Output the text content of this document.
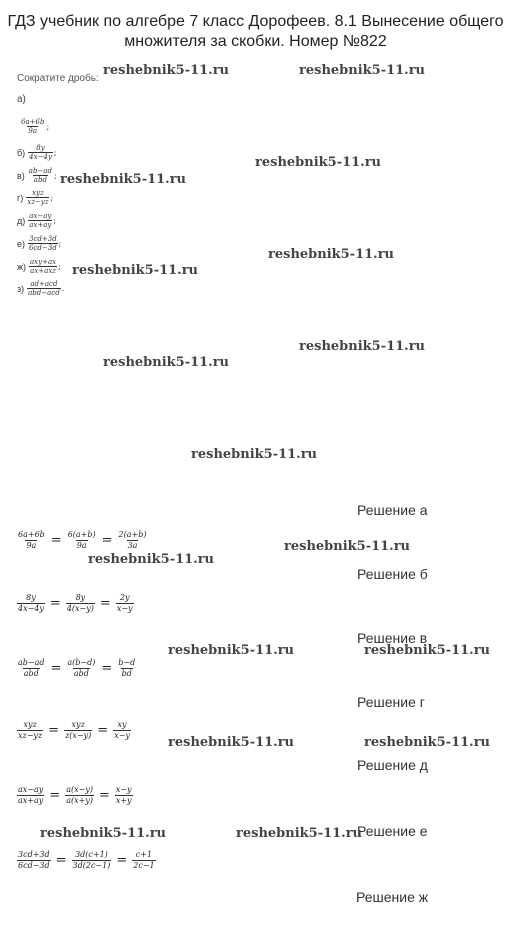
ГДЗ учебник по алгебре 7 класс Дорофеев. 8.1 Вынесение общего множителя за скобки. Номер №822
Сократите дробь:
а)
$\frac{6a+6b}{9a}$ ;
$б) \frac{8y}{4x-4y}$ ;
$в) \frac{ab-ad}{\text{abd}}$ ;
$г) \frac{\text{xyz}}{xz-yz}$ ;
$д) \frac{ax-ay}{ax+ay}$ ;
$е) \frac{3cd+3d}{6cd-3d}$ ;
$ж) \frac{\text{axy+ax}}{\text{ax+axz}}$ ;
$з) \frac{\text{ad+acd}}{\text{abd−acd}}$ .
Решение а
$\frac{6a+6b}{9a} = \frac{6(a+b)}{9a} = \frac{2(a+b)}{3a}$
Решение б
$\frac{8y}{4x-4y} = \frac{8y}{4(x-y)} = \frac{2y}{x-y}$
Решение в
$\frac{ab-ad}{\text{abd}} = \frac{a(b-d)}{\text{abd}} = \frac{b-d}{bd}$
Решение г
$\frac{\text{xyz}}{xz-yz} = \frac{\text{xyz}}{z(x-y)} = \frac{xy}{x-y}$
Решение д
$\frac{ax-ay}{ax+ay} = \frac{a(x-y)}{a(x+y)} = \frac{x-y}{x+y}$
Решение е
$\frac{3cd+3d}{6cd-3d} = \frac{3d(c+1)}{3d(2c-1)} = \frac{c+1}{2c-1}$
Решение ж
reshebnik5-11.ru	reshebnik5-11.ru
reshebnik5-11.ru
reshebnik5-11.ru
reshebnik5-11.ru
reshebnik5-11.ru
reshebnik5-11.ru
reshebnik5-11.ru
reshebnik5-11.ru
reshebnik5-11.ru
reshebnik5-11.ru
reshebnik5-11.ru	reshebnik5-11.ru
reshebnik5-11.ru	reshebnik5-11.ru
reshebnik5-11.ru	reshebnik5-11.ru
